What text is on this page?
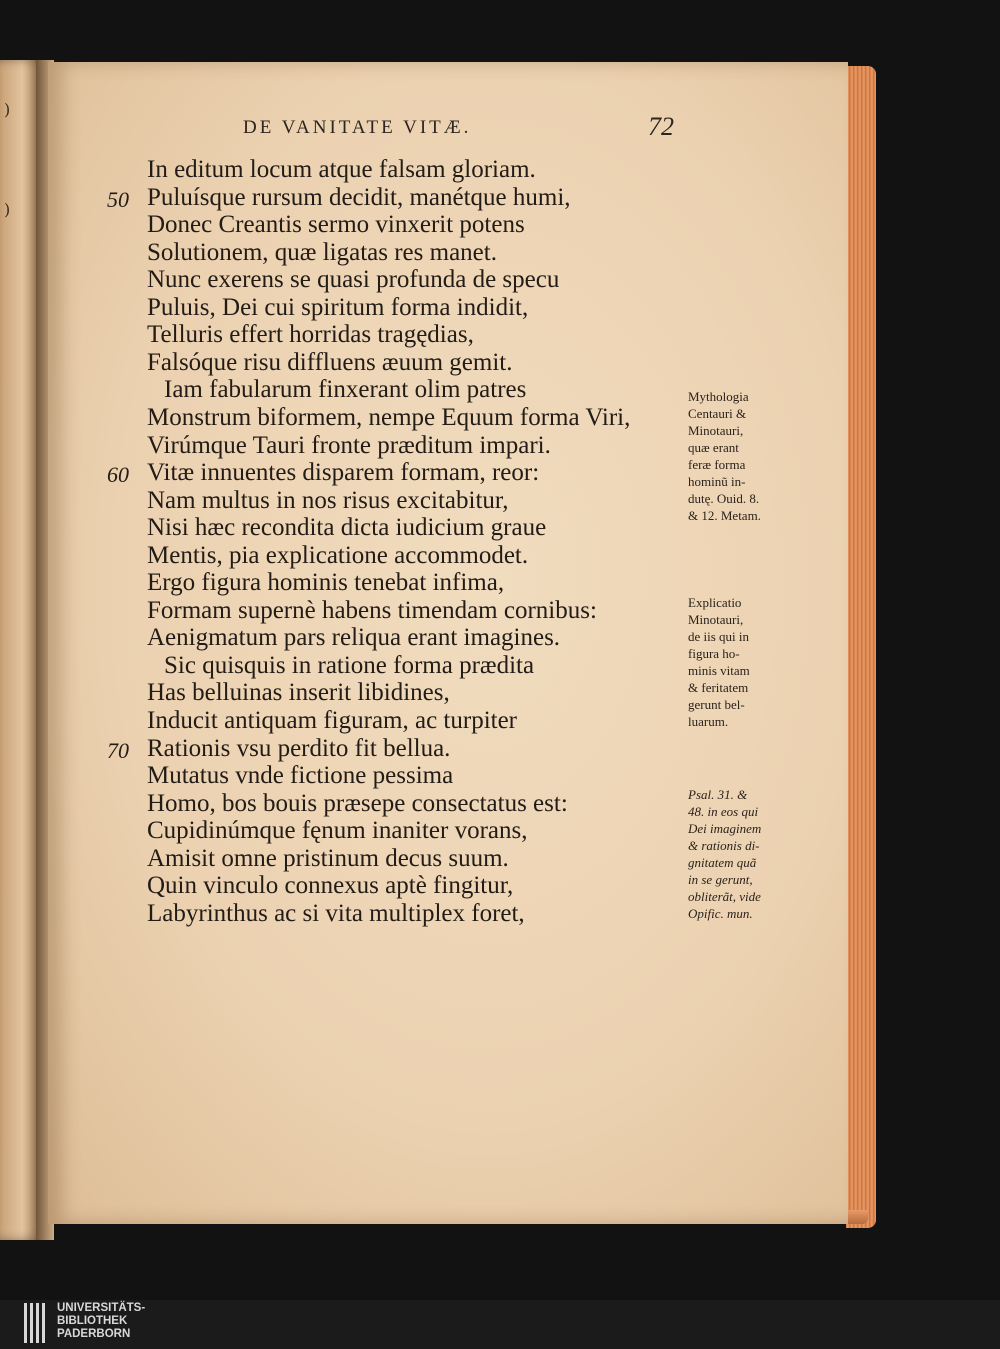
)
)
DE VANITATE VITÆ.	72
In editum locum atque falsam gloriam.
Puluísque rursum decidit, manétque humi,
50
Donec Creantis sermo vinxerit potens
Solutionem, quæ ligatas res manet.
Nunc exerens se quasi profunda de specu
Puluis, Dei cui spiritum forma indidit,
Telluris effert horridas tragędias,
Falsóque risu diffluens æuum gemit.
Iam fabularum finxerant olim patres
Monstrum biformem, nempe Equum forma Viri,
Virúmque Tauri fronte præditum impari.
Vitæ innuentes disparem formam, reor:
60
Nam multus in nos risus excitabitur,
Nisi hæc recondita dicta iudicium graue
Mentis, pia explicatione accommodet.
Ergo figura hominis tenebat infima,
Formam supernè habens timendam cornibus:
Aenigmatum pars reliqua erant imagines.
Sic quisquis in ratione forma prædita
Has belluinas inserit libidines,
Inducit antiquam figuram, ac turpiter
Rationis vsu perdito fit bellua.
70
Mutatus vnde fictione pessima
Homo, bos bouis præsepe consectatus est:
Cupidinúmque fęnum inaniter vorans,
Amisit omne pristinum decus suum.
Quin vinculo connexus aptè fingitur,
Labyrinthus ac si vita multiplex foret,
Mythologia
Centauri &
Minotauri,
quæ erant
feræ forma
hominũ in-
dutę. Ouid. 8.
& 12. Metam.
Explicatio
Minotauri,
de iis qui in
figura ho-
minis vitam
& feritatem
gerunt bel-
luarum.
Psal. 31. &
48. in eos qui
Dei imaginem
& rationis di-
gnitatem quã
in se gerunt,
obliterãt, vide
Opific. mun.
UNIVERSITÄTS-
BIBLIOTHEK
PADERBORN
